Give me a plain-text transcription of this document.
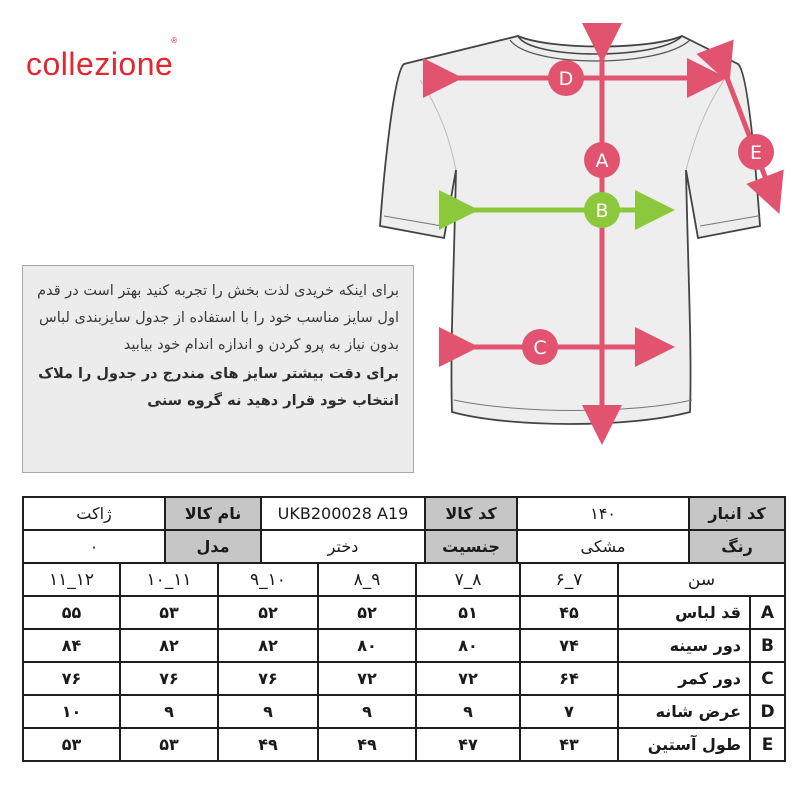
collezione®
D
A
B
C
E

برای اینکه خریدی لذت بخش را تجربه کنید بهتر است در قدم اول سایز مناسب خود را با استفاده از جدول سایزبندی لباس بدون نیاز به پرو کردن و اندازه اندام خود بیابید

برای دقت بیشتر سایز های مندرج در جدول را ملاک انتخاب خود قرار دهید نه گروه سنی

ژاکت	نام کالا	UKB200028 A19	کد کالا	۱۴۰	کد انبار
۰	مدل	دختر	جنسیت	مشکی	رنگ
۱۱_۱۲	۱۰_۱۱	۹_۱۰	۸_۹	۷_۸	۶_۷	سن	
۵۵	۵۳	۵۲	۵۲	۵۱	۴۵	قد لباس	A
۸۴	۸۲	۸۲	۸۰	۸۰	۷۴	دور سینه	B
۷۶	۷۶	۷۶	۷۲	۷۲	۶۴	دور کمر	C
۱۰	۹	۹	۹	۹	۷	عرض شانه	D
۵۳	۵۳	۴۹	۴۹	۴۷	۴۳	طول آستین	E
